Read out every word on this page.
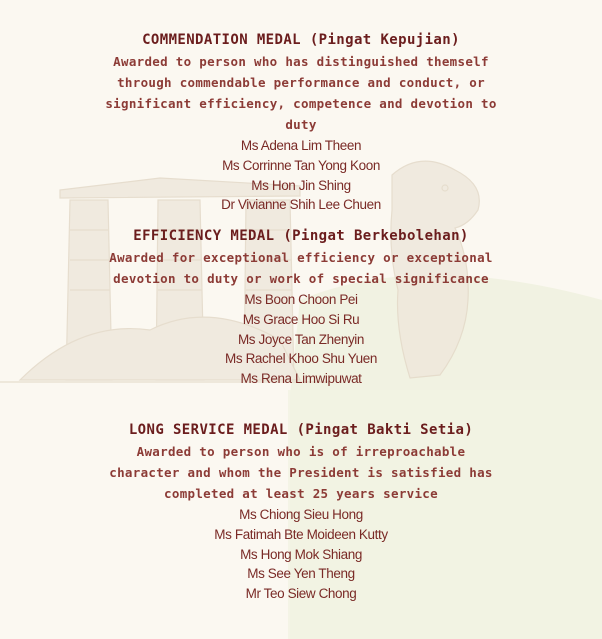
COMMENDATION MEDAL (Pingat Kepujian)

Awarded to person who has distinguished themself through commendable performance and conduct, or significant efficiency, competence and devotion to duty

Ms Adena Lim Theen
Ms Corrinne Tan Yong Koon
Ms Hon Jin Shing
Dr Vivianne Shih Lee Chuen
EFFICIENCY MEDAL (Pingat Berkebolehan)

Awarded for exceptional efficiency or exceptional devotion to duty or work of special significance

Ms Boon Choon Pei
Ms Grace Hoo Si Ru
Ms Joyce Tan Zhenyin
Ms Rachel Khoo Shu Yuen
Ms Rena Limwipuwat
LONG SERVICE MEDAL (Pingat Bakti Setia)

Awarded to person who is of irreproachable character and whom the President is satisfied has completed at least 25 years service

Ms Chiong Sieu Hong
Ms Fatimah Bte Moideen Kutty
Ms Hong Mok Shiang
Ms See Yen Theng
Mr Teo Siew Chong
